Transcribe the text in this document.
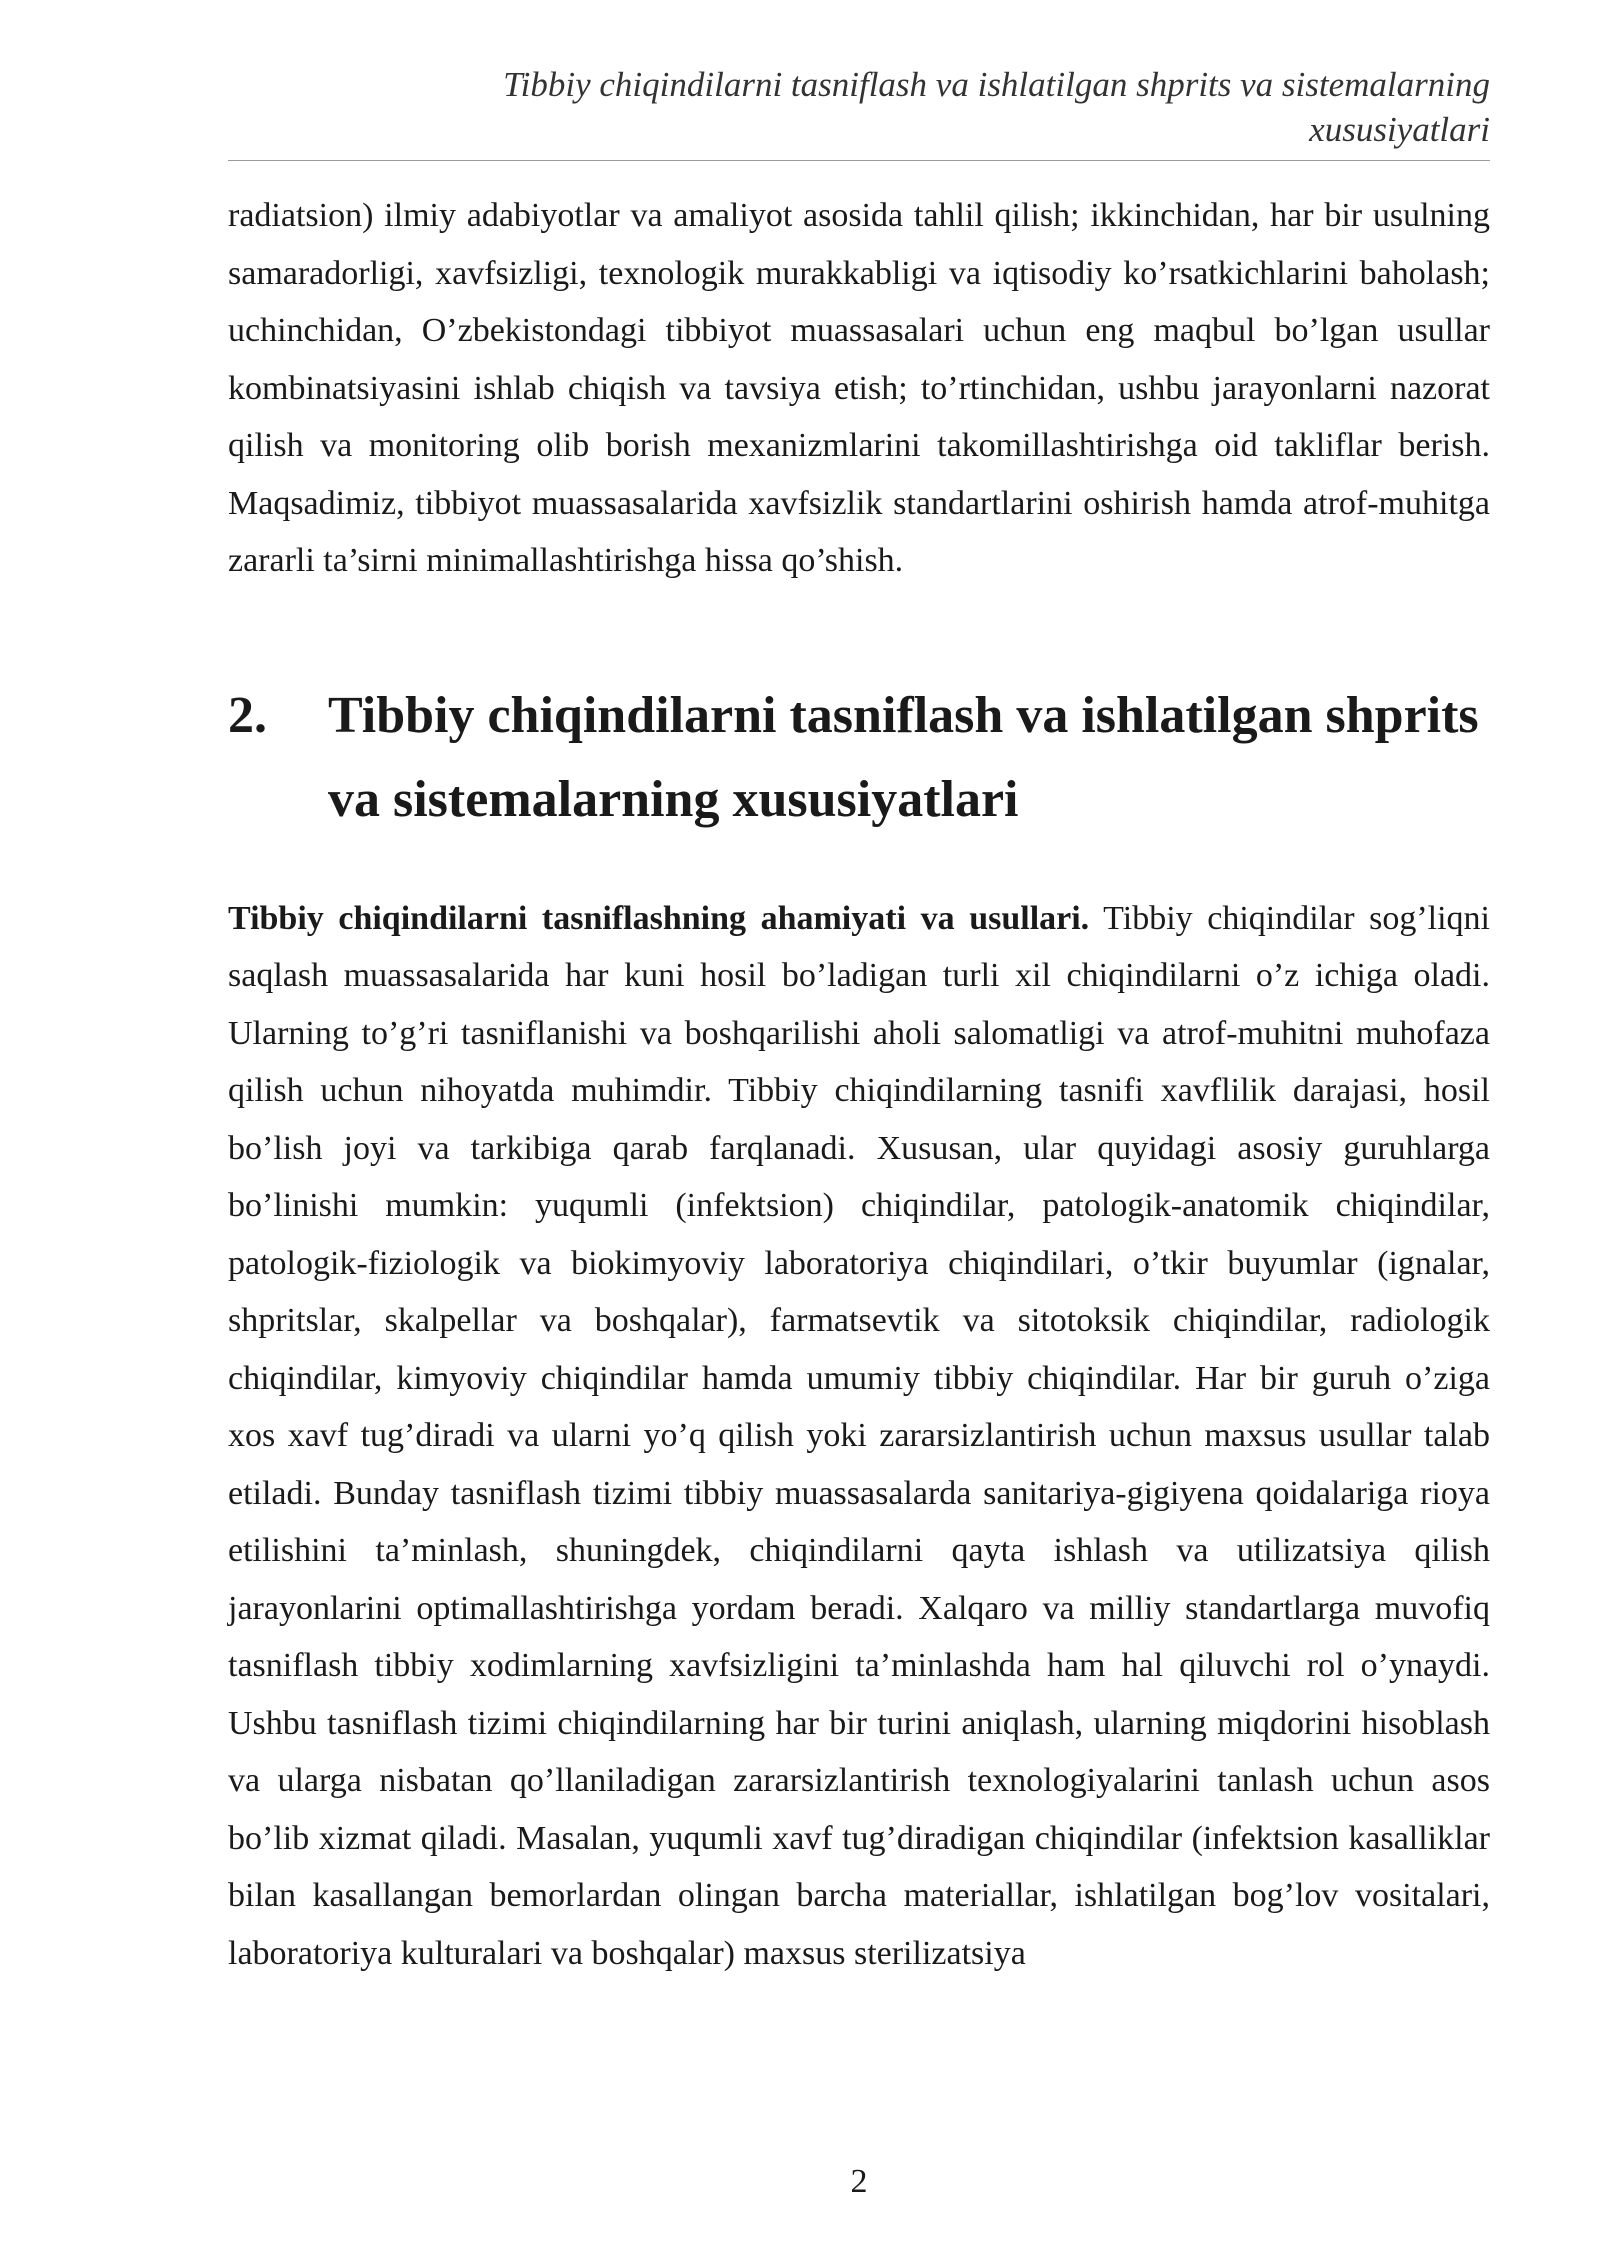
Tibbiy chiqindilarni tasniflash va ishlatilgan shprits va sistemalarning
xususiyatlari

radiatsion) ilmiy adabiyotlar va amaliyot asosida tahlil qilish; ikkinchidan, har bir usulning samaradorligi, xavfsizligi, texnologik murakkabligi va iqtisodiy ko’rsatkichlarini baholash; uchinchidan, O’zbekistondagi tibbiyot muassasalari uchun eng maqbul bo’lgan usullar kombinatsiyasini ishlab chiqish va tavsiya etish; to’rtinchidan, ushbu jarayonlarni nazorat qilish va monitoring olib borish mexanizmlarini takomillashtirishga oid takliflar berish. Maqsadimiz, tibbiyot muassasalarida xavfsizlik standartlarini oshirish hamda atrof-muhitga zararli ta’sirni minimallashtirishga hissa qo’shish.

2. Tibbiy chiqindilarni tasniflash va ishlatilgan shprits va sistemalarning xususiyatlari

Tibbiy chiqindilarni tasniflashning ahamiyati va usullari. Tibbiy chiqindilar sog’liqni saqlash muassasalarida har kuni hosil bo’ladigan turli xil chiqindilarni o’z ichiga oladi. Ularning to’g’ri tasniflanishi va boshqarilishi aholi salomatligi va atrof-muhitni muhofaza qilish uchun nihoyatda muhimdir. Tibbiy chiqindilarning tasnifi xavflilik darajasi, hosil bo’lish joyi va tarkibiga qarab farqlanadi. Xususan, ular quyidagi asosiy guruhlarga bo’linishi mumkin: yuqumli (infektsion) chiqindilar, patologik-anatomik chiqindilar, patologik-fiziologik va biokimyoviy laboratoriya chiqindilari, o’tkir buyumlar (ignalar, shpritslar, skalpellar va boshqalar), farmatsevtik va sitotoksik chiqindilar, radiologik chiqindilar, kimyoviy chiqindilar hamda umumiy tibbiy chiqindilar. Har bir guruh o’ziga xos xavf tug’diradi va ularni yo’q qilish yoki zararsizlantirish uchun maxsus usullar talab etiladi. Bunday tasniflash tizimi tibbiy muassasalarda sanitariya-gigiyena qoidalariga rioya etilishini ta’minlash, shuningdek, chiqindilarni qayta ishlash va utilizatsiya qilish jarayonlarini optimallashtirishga yordam beradi. Xalqaro va milliy standartlarga muvofiq tasniflash tibbiy xodimlarning xavfsizligini ta’minlashda ham hal qiluvchi rol o’ynaydi. Ushbu tasniflash tizimi chiqindilarning har bir turini aniqlash, ularning miqdorini hisoblash va ularga nisbatan qo’llaniladigan zararsizlantirish texnologiyalarini tanlash uchun asos bo’lib xizmat qiladi. Masalan, yuqumli xavf tug’diradigan chiqindilar (infektsion kasalliklar bilan kasallangan bemorlardan olingan barcha materiallar, ishlatilgan bog’lov vositalari, laboratoriya kulturalari va boshqalar) maxsus sterilizatsiya

2
